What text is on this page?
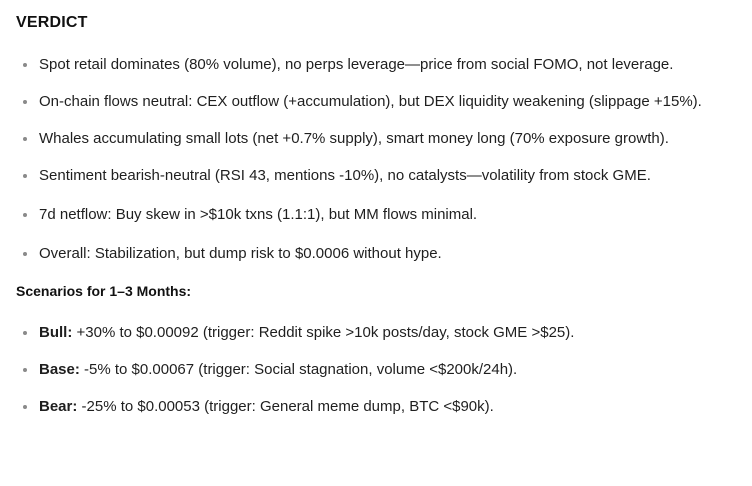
VERDICT
Spot retail dominates (80% volume), no perps leverage—price from social FOMO, not leverage.
On-chain flows neutral: CEX outflow (+accumulation), but DEX liquidity weakening (slippage +15%).
Whales accumulating small lots (net +0.7% supply), smart money long (70% exposure growth).
Sentiment bearish-neutral (RSI 43, mentions -10%), no catalysts—volatility from stock GME.
7d netflow: Buy skew in >$10k txns (1.1:1), but MM flows minimal.
Overall: Stabilization, but dump risk to $0.0006 without hype.
Scenarios for 1–3 Months:
Bull: +30% to $0.00092 (trigger: Reddit spike >10k posts/day, stock GME >$25).
Base: -5% to $0.00067 (trigger: Social stagnation, volume <$200k/24h).
Bear: -25% to $0.00053 (trigger: General meme dump, BTC <$90k).
